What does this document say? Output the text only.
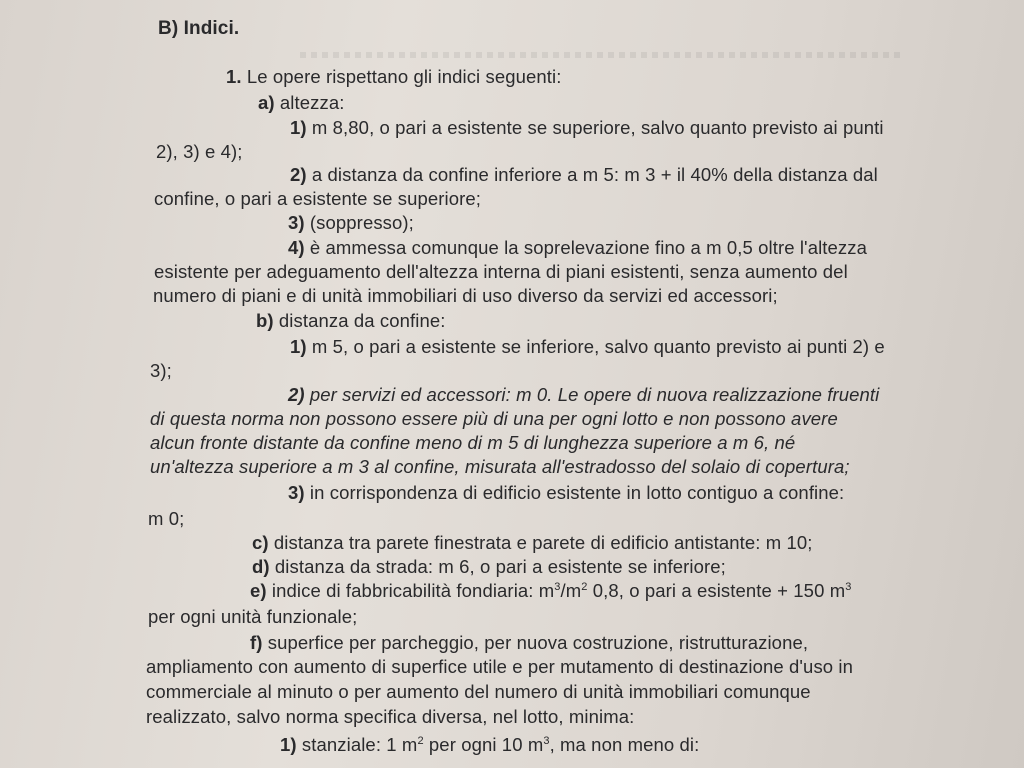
B) Indici.
1. Le opere rispettano gli indici seguenti:
a) altezza:
1) m 8,80, o pari a esistente se superiore, salvo quanto previsto ai punti
2), 3) e 4);
2) a distanza da confine inferiore a m 5: m 3 + il 40% della distanza dal
confine, o pari a esistente se superiore;
3) (soppresso);
4) è ammessa comunque la soprelevazione fino a m 0,5 oltre l'altezza
esistente per adeguamento dell'altezza interna di piani esistenti, senza aumento del
numero di piani e di unità immobiliari di uso diverso da servizi ed accessori;
b) distanza da confine:
1) m 5, o pari a esistente se inferiore, salvo quanto previsto ai punti 2) e
3);
2) per servizi ed accessori: m 0. Le opere di nuova realizzazione fruenti
di questa norma non possono essere più di una per ogni lotto e non possono avere
alcun fronte distante da confine meno di m 5 di lunghezza superiore a m 6, né
un'altezza superiore a m 3 al confine, misurata all'estradosso del solaio di copertura;
3) in corrispondenza di edificio esistente in lotto contiguo a confine:
m 0;
c) distanza tra parete finestrata e parete di edificio antistante: m 10;
d) distanza da strada: m 6, o pari a esistente se inferiore;
e) indice di fabbricabilità fondiaria: $m^3/m^2$ 0,8, o pari a esistente + 150 $m^3$
per ogni unità funzionale;
f) superfice per parcheggio, per nuova costruzione, ristrutturazione,
ampliamento con aumento di superfice utile e per mutamento di destinazione d'uso in
commerciale al minuto o per aumento del numero di unità immobiliari comunque
realizzato, salvo norma specifica diversa, nel lotto, minima:
1) stanziale: 1 $m^2$ per ogni 10 $m^3$, ma non meno di:
